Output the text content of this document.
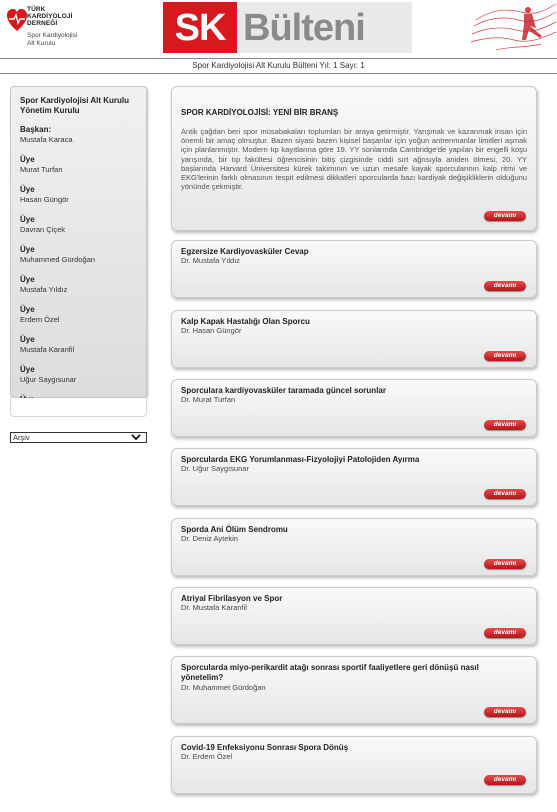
TÜRK
KARDİYOLOJİ
DERNEĞİ
Spor Kardiyolojisi
Alt Kurulu	SK Bülteni
Spor Kardiyolojisi Alt Kurulu Bülteni Yıl: 1 Sayı: 1
Spor Kardiyolojisi Alt Kurulu Yönetim Kurulu
Başkan:
Mustafa Karaca
Üye
Murat Turfan
Üye
Hasan Güngör
Üye
Davran Çiçek
Üye
Muhammed Gürdoğan
Üye
Mustafa Yıldız
Üye
Erdem Özel
Üye
Mustafa Karanfil
Üye
Uğur Saygısunar
Arşiv
SPOR KARDİYOLOJİSİ: YENİ BİR BRANŞ
Antik çağdan beri spor müsabakaları toplumları bir araya getirmiştir. Yarışmak ve kazanmak insan için önemli bir amaç olmuştur. Bazen siyasi bazen kişisel başarılar için yoğun antrenmanlar limitleri aşmak için planlanmıştır. Modern tıp kayıtlarına göre 19. YY sonlarında Cambridge'de yapılan bir engelli koşu yarışında, bir tıp fakültesi öğrencisinin bitiş çizgisinde ciddi sırt ağrısıyla aniden ölmesi, 20. YY başlarında Harvard Üniversitesi kürek takımının ve uzun mesafe kayak sporcularının kalp ritmi ve EKG'lerinin farklı olmasının tespit edilmesi dikkatleri sporcularda bazı kardiyak değişikliklerin olduğunu yönünde çekmiştir.
devamı
Egzersize Kardiyovasküler Cevap
Dr. Mustafa Yıldız
devamı
Kalp Kapak Hastalığı Olan Sporcu
Dr. Hasan Güngör
devamı
Sporculara kardiyovasküler taramada güncel sorunlar
Dr. Murat Turfan
devamı
Sporcularda EKG Yorumlanması-Fizyolojiyi Patolojiden Ayırma
Dr. Uğur Saygısunar
devamı
Sporda Ani Ölüm Sendromu
Dr. Deniz Aytekin
devamı
Atriyal Fibrilasyon ve Spor
Dr. Mustafa Karanfil
devamı
Sporcularda miyo-perikardit atağı sonrası sportif faaliyetlere geri dönüşü nasıl yönetelim?
Dr. Muhammet Gürdoğan
devamı
Covid-19 Enfeksiyonu Sonrası Spora Dönüş
Dr. Erdem Özel
devamı
